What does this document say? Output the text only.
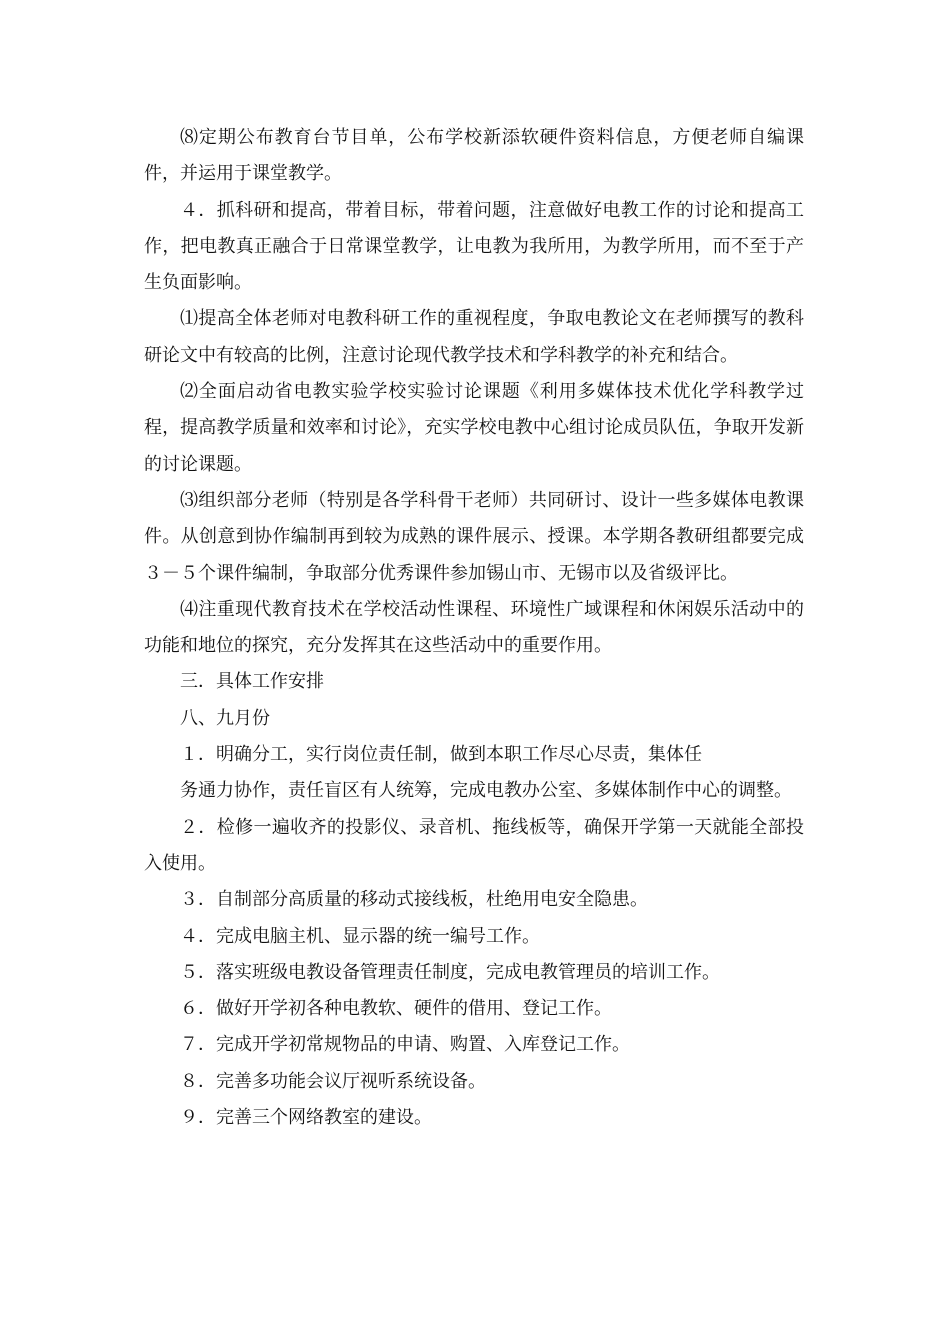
⑻定期公布教育台节目单，公布学校新添软硬件资料信息，方便老师自编课件，并运用于课堂教学。

４．抓科研和提高，带着目标，带着问题，注意做好电教工作的讨论和提高工作，把电教真正融合于日常课堂教学，让电教为我所用，为教学所用，而不至于产生负面影响。

⑴提高全体老师对电教科研工作的重视程度，争取电教论文在老师撰写的教科研论文中有较高的比例，注意讨论现代教学技术和学科教学的补充和结合。

⑵全面启动省电教实验学校实验讨论课题《利用多媒体技术优化学科教学过程，提高教学质量和效率和讨论》，充实学校电教中心组讨论成员队伍，争取开发新的讨论课题。

⑶组织部分老师（特别是各学科骨干老师）共同研讨、设计一些多媒体电教课件。从创意到协作编制再到较为成熟的课件展示、授课。本学期各教研组都要完成３－５个课件编制，争取部分优秀课件参加锡山市、无锡市以及省级评比。

⑷注重现代教育技术在学校活动性课程、环境性广域课程和休闲娱乐活动中的功能和地位的探究，充分发挥其在这些活动中的重要作用。

三．具体工作安排

八、九月份

１．明确分工，实行岗位责任制，做到本职工作尽心尽责，集体任

务通力协作，责任盲区有人统筹，完成电教办公室、多媒体制作中心的调整。

２．检修一遍收齐的投影仪、录音机、拖线板等，确保开学第一天就能全部投入使用。

３．自制部分高质量的移动式接线板，杜绝用电安全隐患。

４．完成电脑主机、显示器的统一编号工作。

５．落实班级电教设备管理责任制度，完成电教管理员的培训工作。

６．做好开学初各种电教软、硬件的借用、登记工作。

７．完成开学初常规物品的申请、购置、入库登记工作。

８．完善多功能会议厅视听系统设备。

９．完善三个网络教室的建设。
